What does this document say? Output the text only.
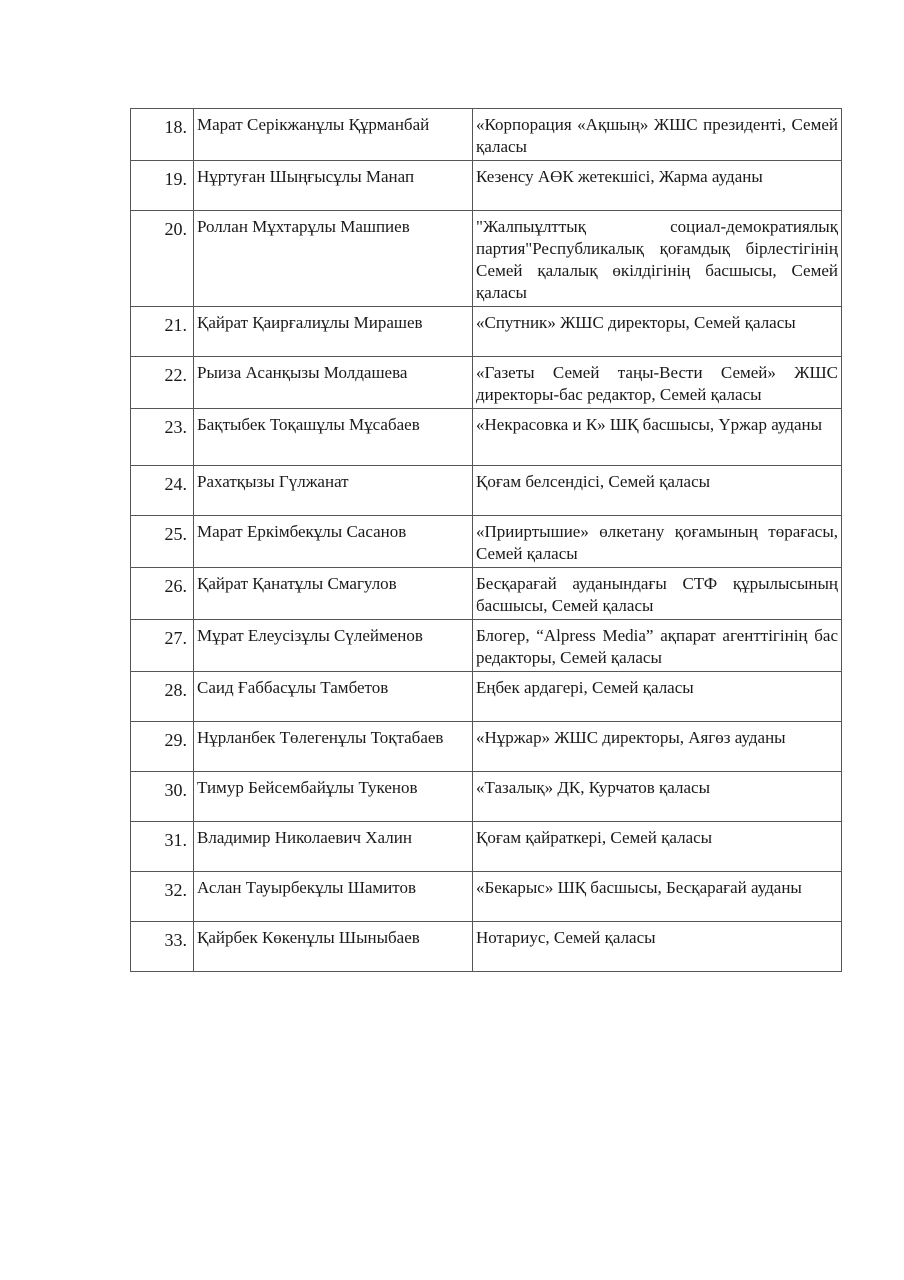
18.	Марат Серікжанұлы Құрманбай	«Корпорация «Ақшың» ЖШС президенті, Семей қаласы
19.	Нұртуған Шыңғысұлы Манап	Кезенсу АӨК жетекшісі, Жарма ауданы
20.	Роллан Мұхтарұлы Машпиев	"Жалпыұлттық социал-демократиялық партия"Республикалық қоғамдық бірлестігінің Семей қалалық өкілдігінің басшысы, Семей қаласы
21.	Қайрат Қаирғалиұлы Мирашев	«Спутник» ЖШС директоры, Семей қаласы
22.	Рыиза Асанқызы Молдашева	«Газеты Семей таңы-Вести Семей» ЖШС директоры-бас редактор, Семей қаласы
23.	Бақтыбек Тоқашұлы Мұсабаев	«Некрасовка и К» ШҚ басшысы, Үржар ауданы
24.	Рахатқызы Гүлжанат	Қоғам белсендісі, Семей қаласы
25.	Марат Еркімбекұлы Сасанов	«Прииртышие» өлкетану қоғамының төрағасы, Семей қаласы
26.	Қайрат Қанатұлы Смагулов	Бесқарағай ауданындағы СТФ құрылысының басшысы, Семей қаласы
27.	Мұрат Елеусізұлы Сүлейменов	Блогер, “Alpress Media” ақпарат агенттігінің бас редакторы, Семей қаласы
28.	Саид Ғаббасұлы Тамбетов	Еңбек ардагері, Семей қаласы
29.	Нұрланбек Төлегенұлы Тоқтабаев	«Нұржар» ЖШС директоры, Аягөз ауданы
30.	Тимур Бейсембайұлы Тукенов	«Тазалық» ДК, Курчатов қаласы
31.	Владимир Николаевич Халин	Қоғам қайраткері, Семей қаласы
32.	Аслан Тауырбекұлы Шамитов	«Бекарыс» ШҚ басшысы, Бесқарағай ауданы
33.	Қайрбек Көкенұлы Шыныбаев	Нотариус, Семей қаласы
